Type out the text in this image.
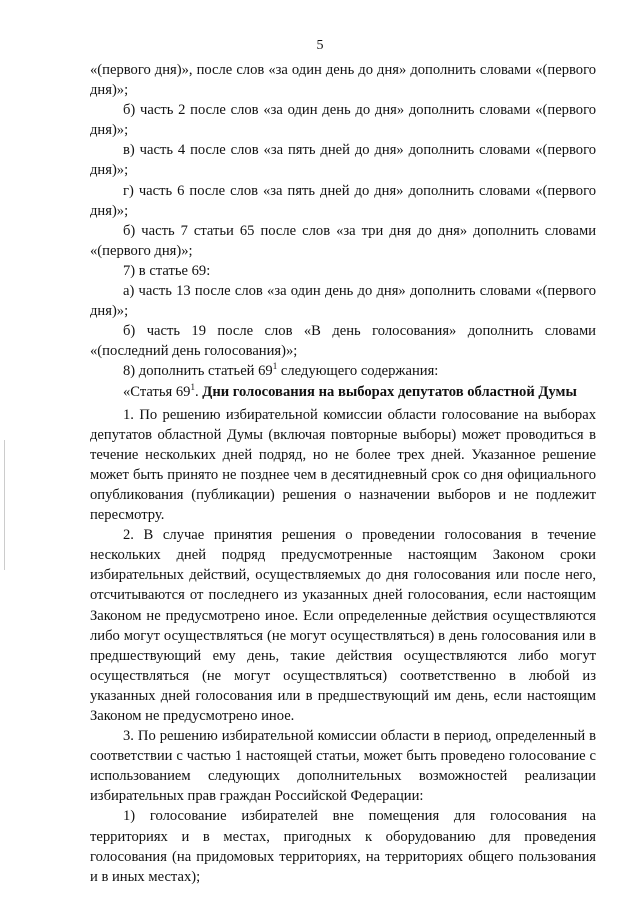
5

«(первого дня)», после слов «за один день до дня» дополнить словами «(первого дня)»;

б) часть 2 после слов «за один день до дня» дополнить словами «(первого дня)»;

в) часть 4 после слов «за пять дней до дня» дополнить словами «(первого дня)»;

г) часть 6 после слов «за пять дней до дня» дополнить словами «(первого дня)»;

б) часть 7 статьи 65 после слов «за три дня до дня» дополнить словами «(первого дня)»;

7) в статье 69:

а) часть 13 после слов «за один день до дня» дополнить словами «(первого дня)»;

б) часть 19 после слов «В день голосования» дополнить словами «(последний день голосования)»;

8) дополнить статьей $69^1$ следующего содержания:

«Статья $69^1$. Дни голосования на выборах депутатов областной Думы

1. По решению избирательной комиссии области голосование на выборах депутатов областной Думы (включая повторные выборы) может проводиться в течение нескольких дней подряд, но не более трех дней. Указанное решение может быть принято не позднее чем в десятидневный срок со дня официального опубликования (публикации) решения о назначении выборов и не подлежит пересмотру.

2. В случае принятия решения о проведении голосования в течение нескольких дней подряд предусмотренные настоящим Законом сроки избирательных действий, осуществляемых до дня голосования или после него, отсчитываются от последнего из указанных дней голосования, если настоящим Законом не предусмотрено иное. Если определенные действия осуществляются либо могут осуществляться (не могут осуществляться) в день голосования или в предшествующий ему день, такие действия осуществляются либо могут осуществляться (не могут осуществляться) соответственно в любой из указанных дней голосования или в предшествующий им день, если настоящим Законом не предусмотрено иное.

3. По решению избирательной комиссии области в период, определенный в соответствии с частью 1 настоящей статьи, может быть проведено голосование с использованием следующих дополнительных возможностей реализации избирательных прав граждан Российской Федерации:

1) голосование избирателей вне помещения для голосования на территориях и в местах, пригодных к оборудованию для проведения голосования (на придомовых территориях, на территориях общего пользования и в иных местах);
